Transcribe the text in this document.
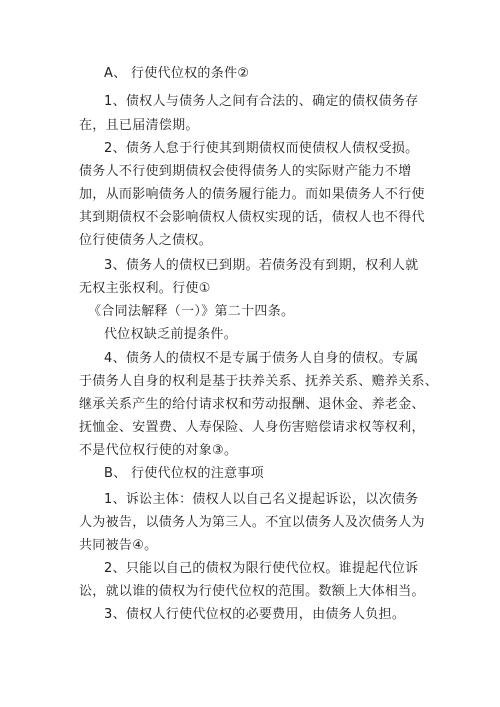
A、 行使代位权的条件②
1、债权人与债务人之间有合法的、确定的债权债务存
在，且已届清偿期。
2、债务人怠于行使其到期债权而使债权人债权受损。
债务人不行使到期债权会使得债务人的实际财产能力不增
加，从而影响债务人的债务履行能力。而如果债务人不行使
其到期债权不会影响债权人债权实现的话，债权人也不得代
位行使债务人之债权。
3、债务人的债权已到期。若债务没有到期，权利人就
无权主张权利。行使①
《合同法解释（一）》第二十四条。
代位权缺乏前提条件。
4、债务人的债权不是专属于债务人自身的债权。专属
于债务人自身的权利是基于扶养关系、抚养关系、赡养关系、
继承关系产生的给付请求权和劳动报酬、退休金、养老金、
抚恤金、安置费、人寿保险、人身伤害赔偿请求权等权利，
不是代位权行使的对象③。
B、 行使代位权的注意事项
1、诉讼主体：债权人以自己名义提起诉讼，以次债务
人为被告，以债务人为第三人。不宜以债务人及次债务人为
共同被告④。
2、只能以自己的债权为限行使代位权。谁提起代位诉
讼，就以谁的债权为行使代位权的范围。数额上大体相当。
3、债权人行使代位权的必要费用，由债务人负担。
